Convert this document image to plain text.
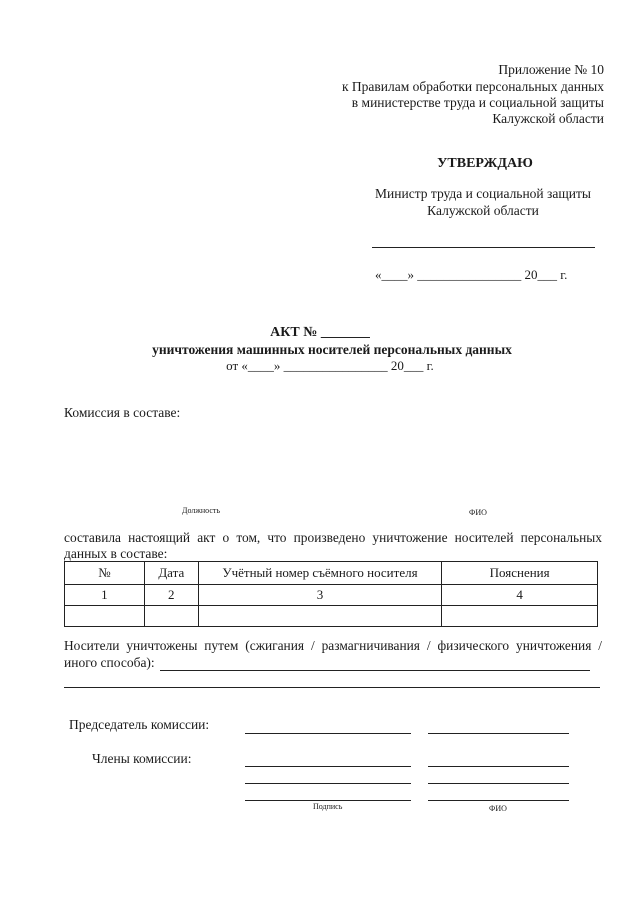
Приложение № 10
к Правилам обработки персональных данных
в министерстве труда и социальной защиты
Калужской области
УТВЕРЖДАЮ
Министр труда и социальной защиты
Калужской области
«____» ________________ 20___ г.
АКТ № _______
уничтожения машинных носителей персональных данных
от «____» ________________ 20___ г.
Комиссия в составе:
Должность	ФИО
составила настоящий акт о том, что произведено уничтожение носителей персональных
данных в составе:
№	Дата	Учётный номер съёмного носителя	Пояснения
1	2	3	4

Носители уничтожены путем (сжигания / размагничивания / физического уничтожения /
иного способа):
Председатель комиссии:
Члены комиссии:
Подпись	ФИО
